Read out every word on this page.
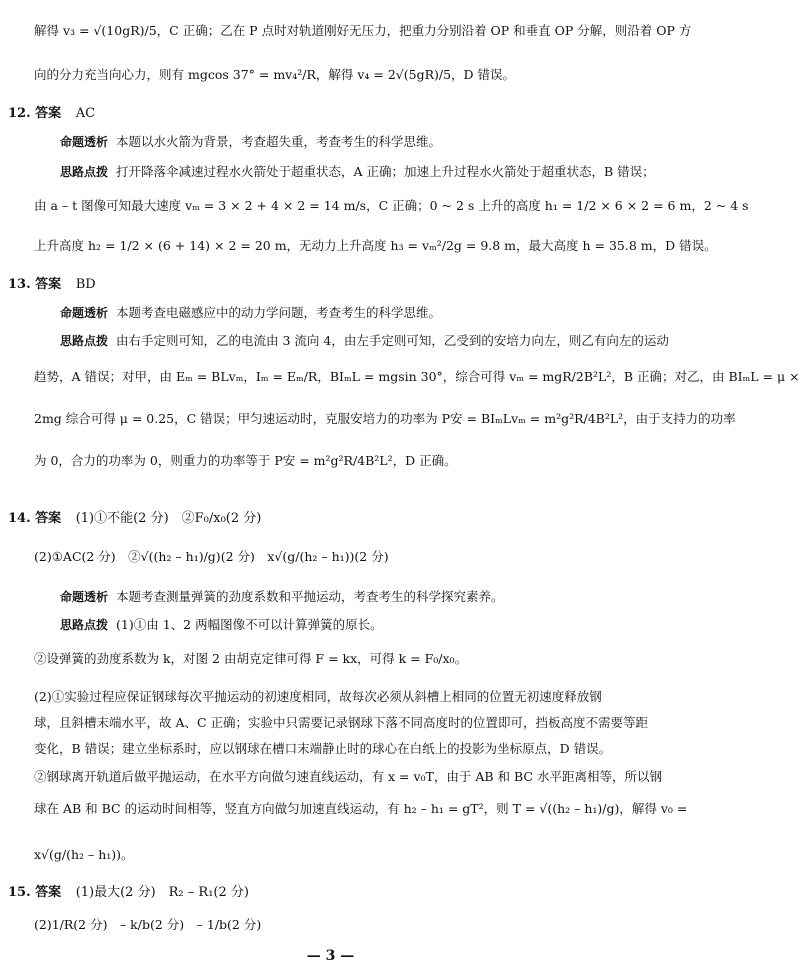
解得 v₃ = √(10gR)/5，C 正确；乙在 P 点时对轨道刚好无压力，把重力分别沿着 OP 和垂直 OP 分解，则沿着 OP 方
向的分力充当向心力，则有 mgcos 37° = mv₄²/R，解得 v₄ = 2√(5gR)/5，D 错误。
12. 答案 AC
命题透析 本题以水火箭为背景，考查超失重，考查考生的科学思维。
思路点拨 打开降落伞减速过程水火箭处于超重状态，A 正确；加速上升过程水火箭处于超重状态，B 错误；
由 a – t 图像可知最大速度 vₘ = 3 × 2 + 4 × 2 = 14 m/s，C 正确；0 ~ 2 s 上升的高度 h₁ = 1/2 × 6 × 2 = 6 m，2 ~ 4 s
上升高度 h₂ = 1/2 × (6 + 14) × 2 = 20 m，无动力上升高度 h₃ = vₘ²/2g = 9.8 m，最大高度 h = 35.8 m，D 错误。
13. 答案 BD
命题透析 本题考查电磁感应中的动力学问题，考查考生的科学思维。
思路点拨 由右手定则可知，乙的电流由 3 流向 4，由左手定则可知，乙受到的安培力向左，则乙有向左的运动
趋势，A 错误；对甲，由 Eₘ = BLvₘ，Iₘ = Eₘ/R，BIₘL = mgsin 30°，综合可得 vₘ = mgR/2B²L²，B 正确；对乙，由 BIₘL = μ ×
2mg 综合可得 μ = 0.25，C 错误；甲匀速运动时，克服安培力的功率为 P安 = BIₘLvₘ = m²g²R/4B²L²，由于支持力的功率
为 0，合力的功率为 0，则重力的功率等于 P安 = m²g²R/4B²L²，D 正确。
14. 答案 (1)①不能(2 分)　②F₀/x₀(2 分)
(2)①AC(2 分)　②√((h₂ – h₁)/g)(2 分)　x√(g/(h₂ – h₁))(2 分)
命题透析 本题考查测量弹簧的劲度系数和平抛运动，考查考生的科学探究素养。
思路点拨 (1)①由 1、2 两幅图像不可以计算弹簧的原长。
②设弹簧的劲度系数为 k，对图 2 由胡克定律可得 F = kx，可得 k = F₀/x₀。
(2)①实验过程应保证钢球每次平抛运动的初速度相同，故每次必须从斜槽上相同的位置无初速度释放钢
球，且斜槽末端水平，故 A、C 正确；实验中只需要记录钢球下落不同高度时的位置即可，挡板高度不需要等距
变化，B 错误；建立坐标系时，应以钢球在槽口末端静止时的球心在白纸上的投影为坐标原点，D 错误。
②钢球离开轨道后做平抛运动，在水平方向做匀速直线运动，有 x = v₀T，由于 AB 和 BC 水平距离相等，所以钢
球在 AB 和 BC 的运动时间相等，竖直方向做匀加速直线运动，有 h₂ – h₁ = gT²，则 T = √((h₂ – h₁)/g)，解得 v₀ =
x√(g/(h₂ – h₁))。
15. 答案 (1)最大(2 分)　R₂ – R₁(2 分)
(2)1/R(2 分)　– k/b(2 分)　– 1/b(2 分)
— 3 —
